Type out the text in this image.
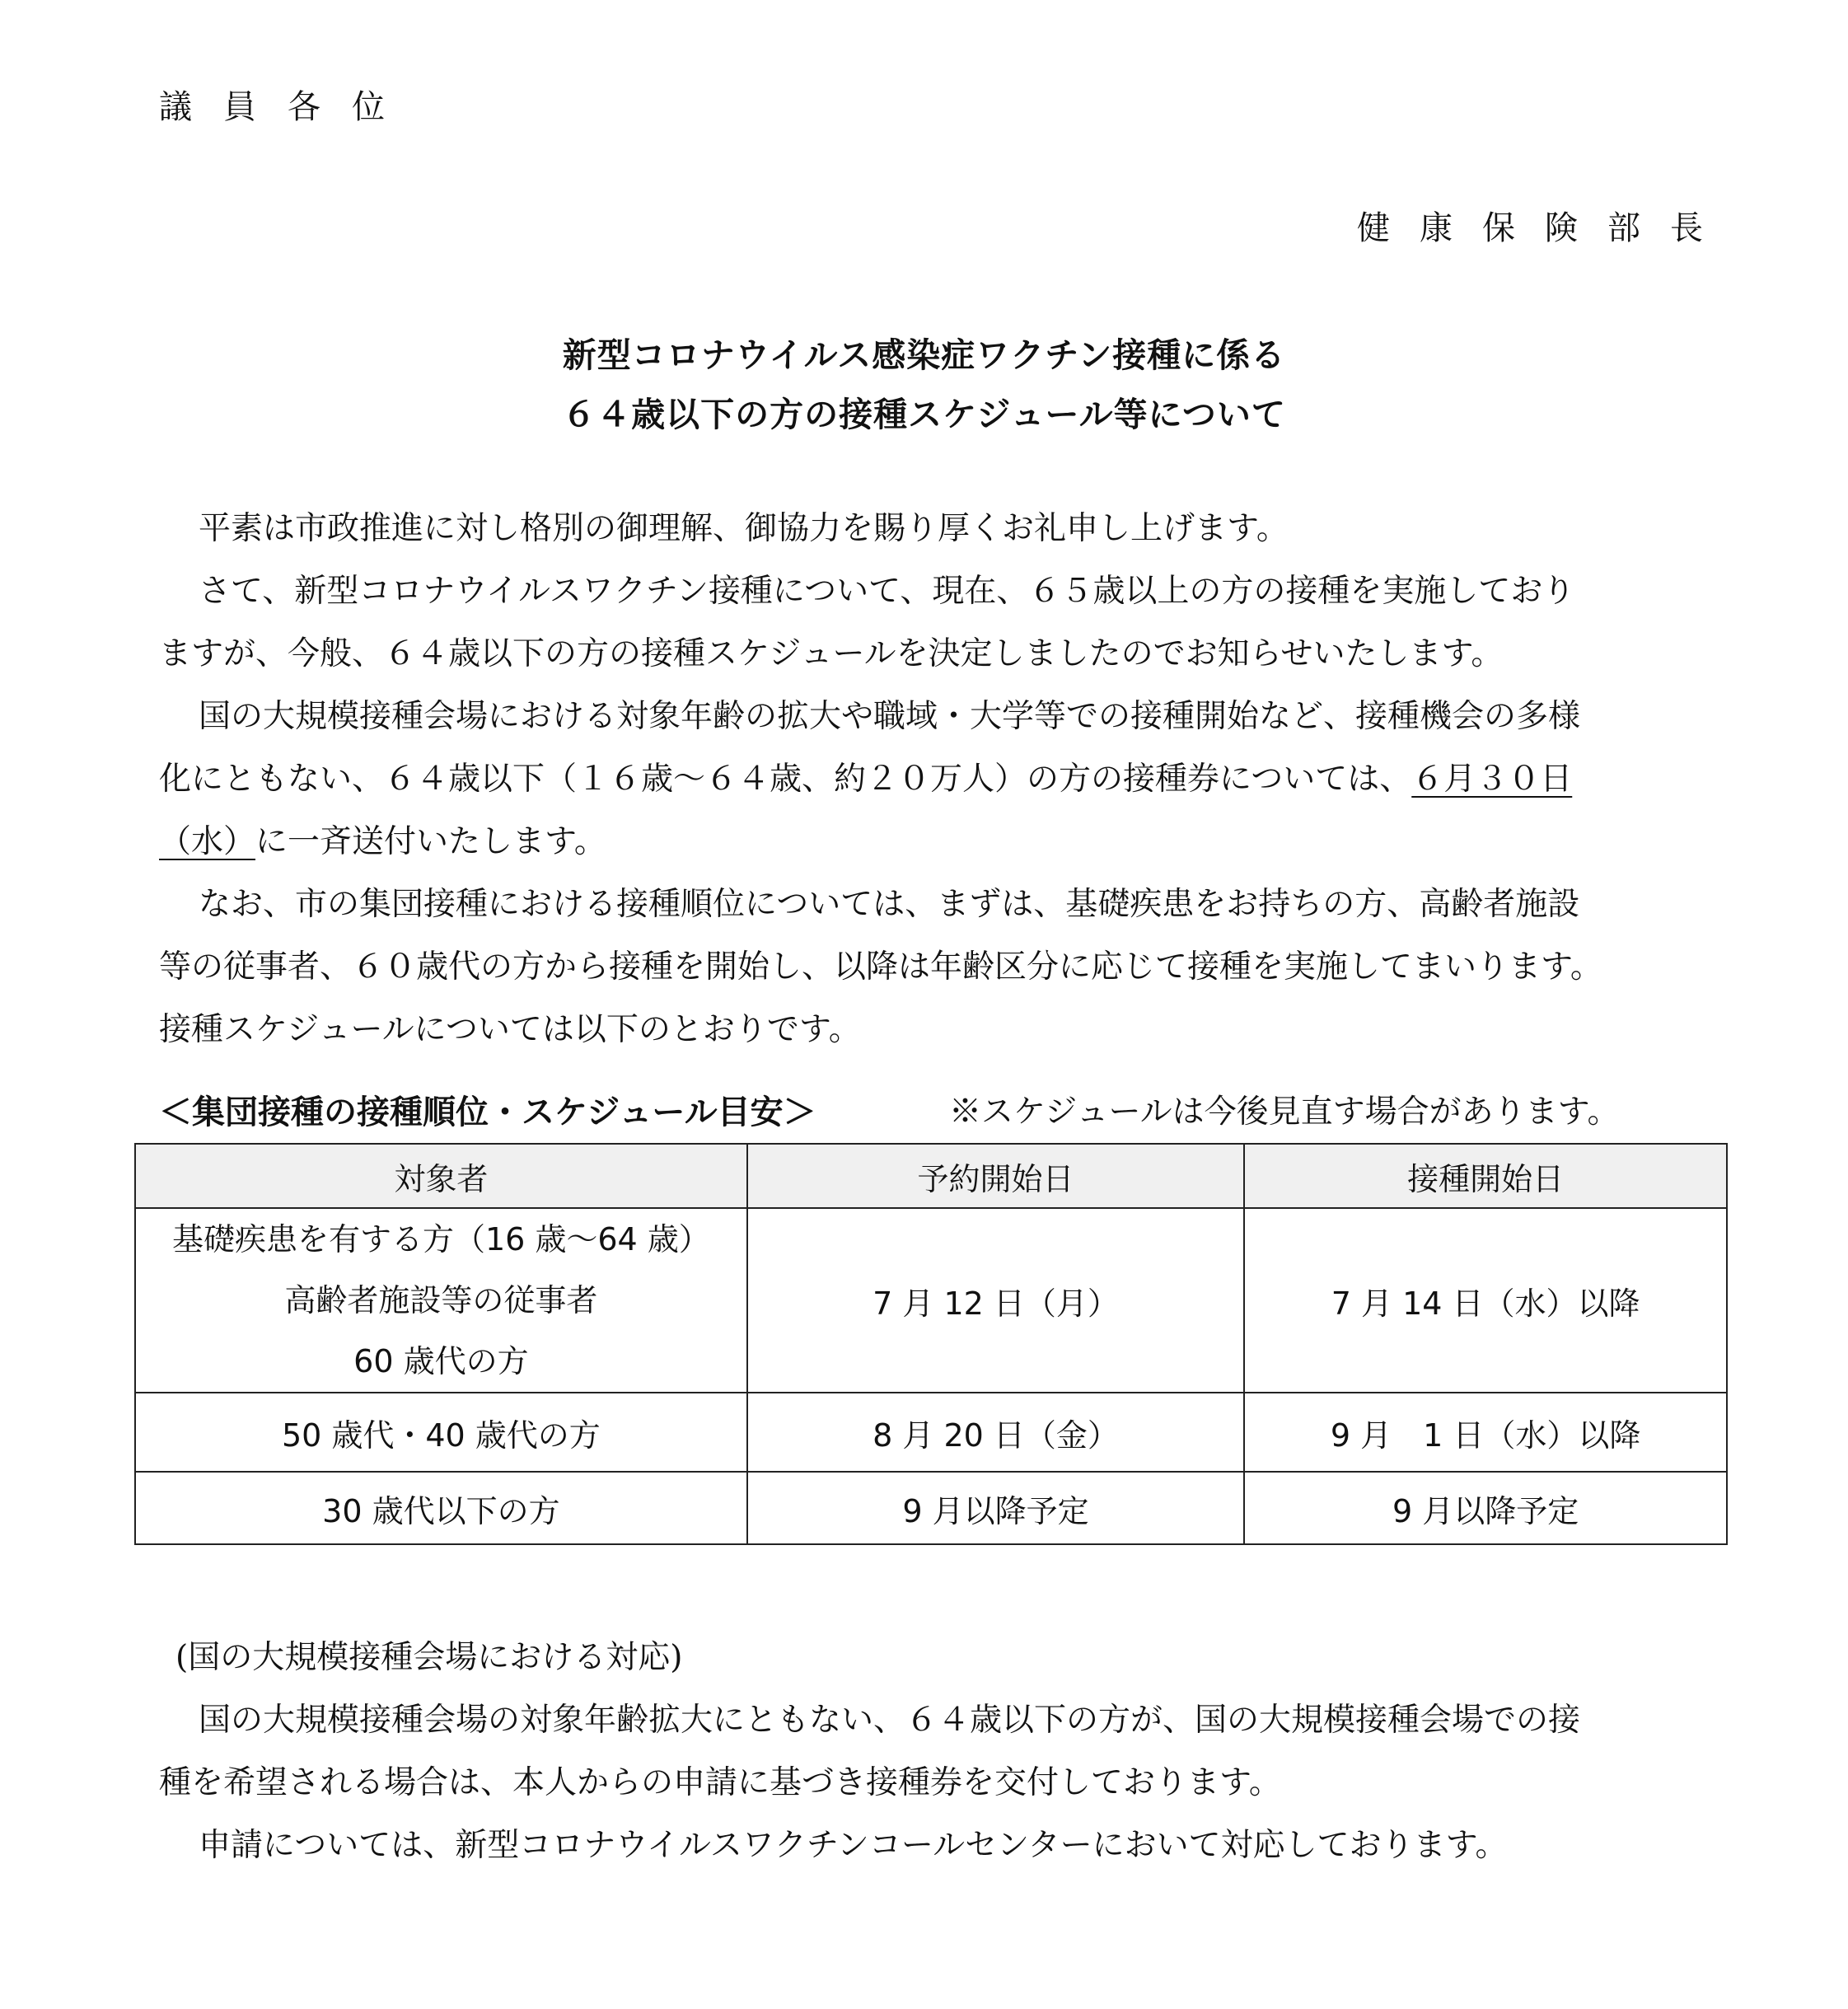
議員各位
健康保険部長
新型コロナウイルス感染症ワクチン接種に係る
６４歳以下の方の接種スケジュール等について
平素は市政推進に対し格別の御理解、御協力を賜り厚くお礼申し上げます。
さて、新型コロナウイルスワクチン接種について、現在、６５歳以上の方の接種を実施しており
ますが、今般、６４歳以下の方の接種スケジュールを決定しましたのでお知らせいたします。
国の大規模接種会場における対象年齢の拡大や職域・大学等での接種開始など、接種機会の多様
化にともない、６４歳以下（１６歳～６４歳、約２０万人）の方の接種券については、６月３０日
（水）に一斉送付いたします。
なお、市の集団接種における接種順位については、まずは、基礎疾患をお持ちの方、高齢者施設
等の従事者、６０歳代の方から接種を開始し、以降は年齢区分に応じて接種を実施してまいります。
接種スケジュールについては以下のとおりです。
＜集団接種の接種順位・スケジュール目安＞	※スケジュールは今後見直す場合があります。
対象者	予約開始日	接種開始日

基礎疾患を有する方（16 歳～64 歳）
高齢者施設等の従事者
60 歳代の方	7 月 12 日（月）	7 月 14 日（水）以降
50 歳代・40 歳代の方	8 月 20 日（金）	9 月　1 日（水）以降
30 歳代以下の方	9 月以降予定	9 月以降予定
(国の大規模接種会場における対応)
国の大規模接種会場の対象年齢拡大にともない、６４歳以下の方が、国の大規模接種会場での接
種を希望される場合は、本人からの申請に基づき接種券を交付しております。
申請については、新型コロナウイルスワクチンコールセンターにおいて対応しております。
